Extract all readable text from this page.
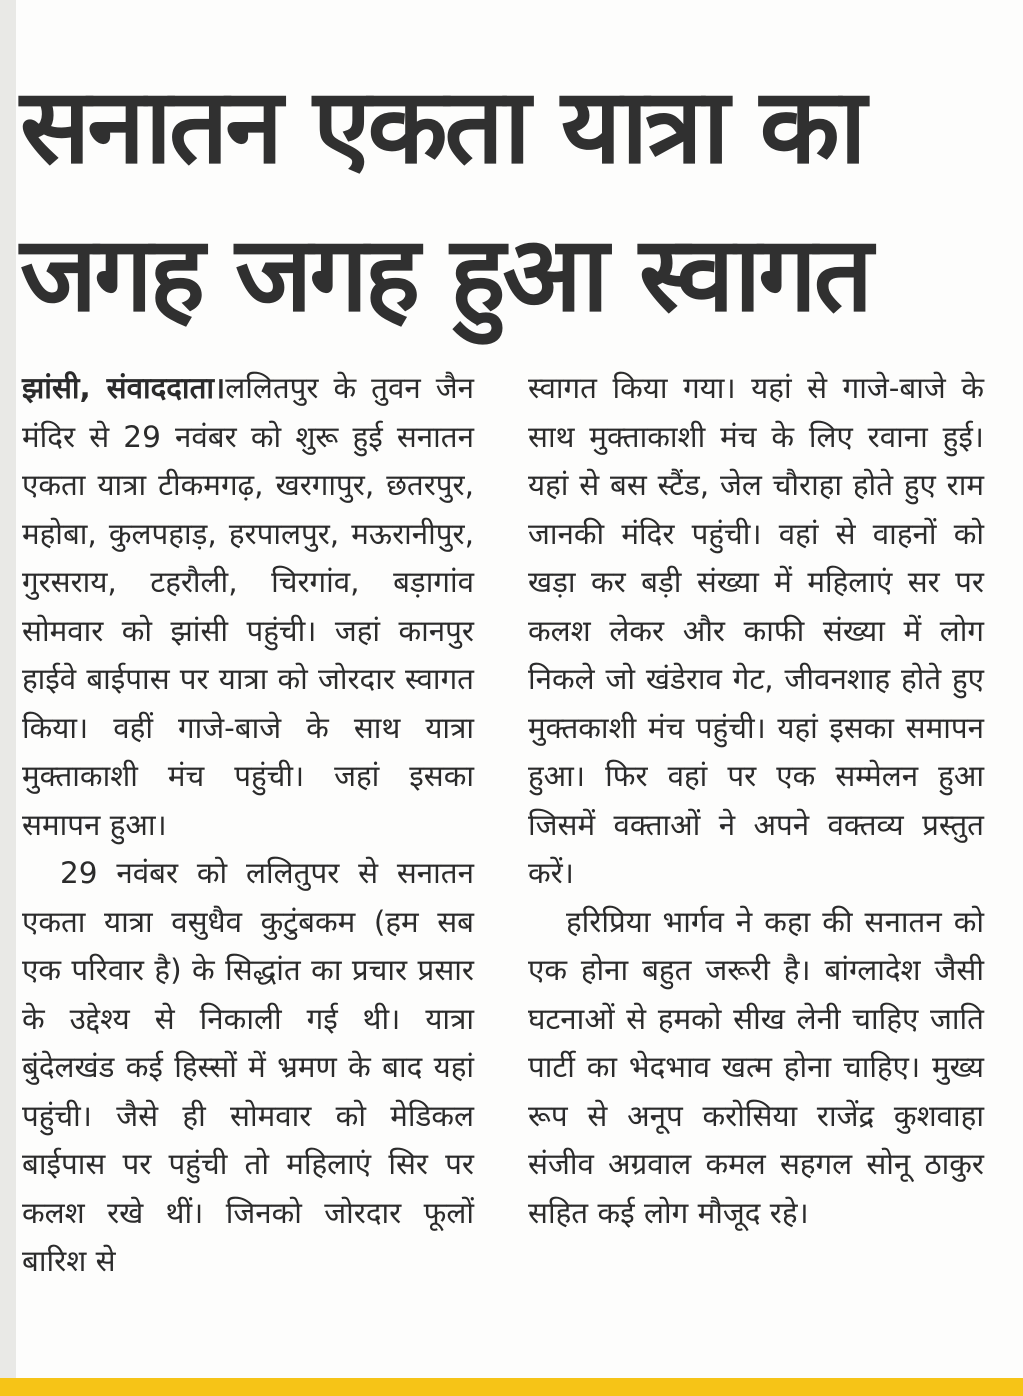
सनातन एकता यात्रा का
जगह जगह हुआ स्वागत

झांसी, संवाददाता।ललितपुर के तुवन जैन मंदिर से 29 नवंबर को शुरू हुई सनातन एकता यात्रा टीकमगढ़, खरगापुर, छतरपुर, महोबा, कुलपहाड़, हरपालपुर, मऊरानीपुर, गुरसराय, टहरौली, चिरगांव, बड़ागांव सोमवार को झांसी पहुंची। जहां कानपुर हाईवे बाईपास पर यात्रा को जोरदार स्वागत किया। वहीं गाजे-बाजे के साथ यात्रा मुक्ताकाशी मंच पहुंची। जहां इसका समापन हुआ।

29 नवंबर को ललितुपर से सनातन एकता यात्रा वसुधैव कुटुंबकम (हम सब एक परिवार है) के सिद्धांत का प्रचार प्रसार के उद्देश्य से निकाली गई थी। यात्रा बुंदेलखंड कई हिस्सों में भ्रमण के बाद यहां पहुंची। जैसे ही सोमवार को मेडिकल बाईपास पर पहुंची तो महिलाएं सिर पर कलश रखे थीं। जिनको जोरदार फूलों बारिश से

स्वागत किया गया। यहां से गाजे-बाजे के साथ मुक्ताकाशी मंच के लिए रवाना हुई। यहां से बस स्टैंड, जेल चौराहा होते हुए राम जानकी मंदिर पहुंची। वहां से वाहनों को खड़ा कर बड़ी संख्या में महिलाएं सर पर कलश लेकर और काफी संख्या में लोग निकले जो खंडेराव गेट, जीवनशाह होते हुए मुक्तकाशी मंच पहुंची। यहां इसका समापन हुआ। फिर वहां पर एक सम्मेलन हुआ जिसमें वक्ताओं ने अपने वक्तव्य प्रस्तुत करें।

हरिप्रिया भार्गव ने कहा की सनातन को एक होना बहुत जरूरी है। बांग्लादेश जैसी घटनाओं से हमको सीख लेनी चाहिए जाति पार्टी का भेदभाव खत्म होना चाहिए। मुख्य रूप से अनूप करोसिया राजेंद्र कुशवाहा संजीव अग्रवाल कमल सहगल सोनू ठाकुर सहित कई लोग मौजूद रहे।
